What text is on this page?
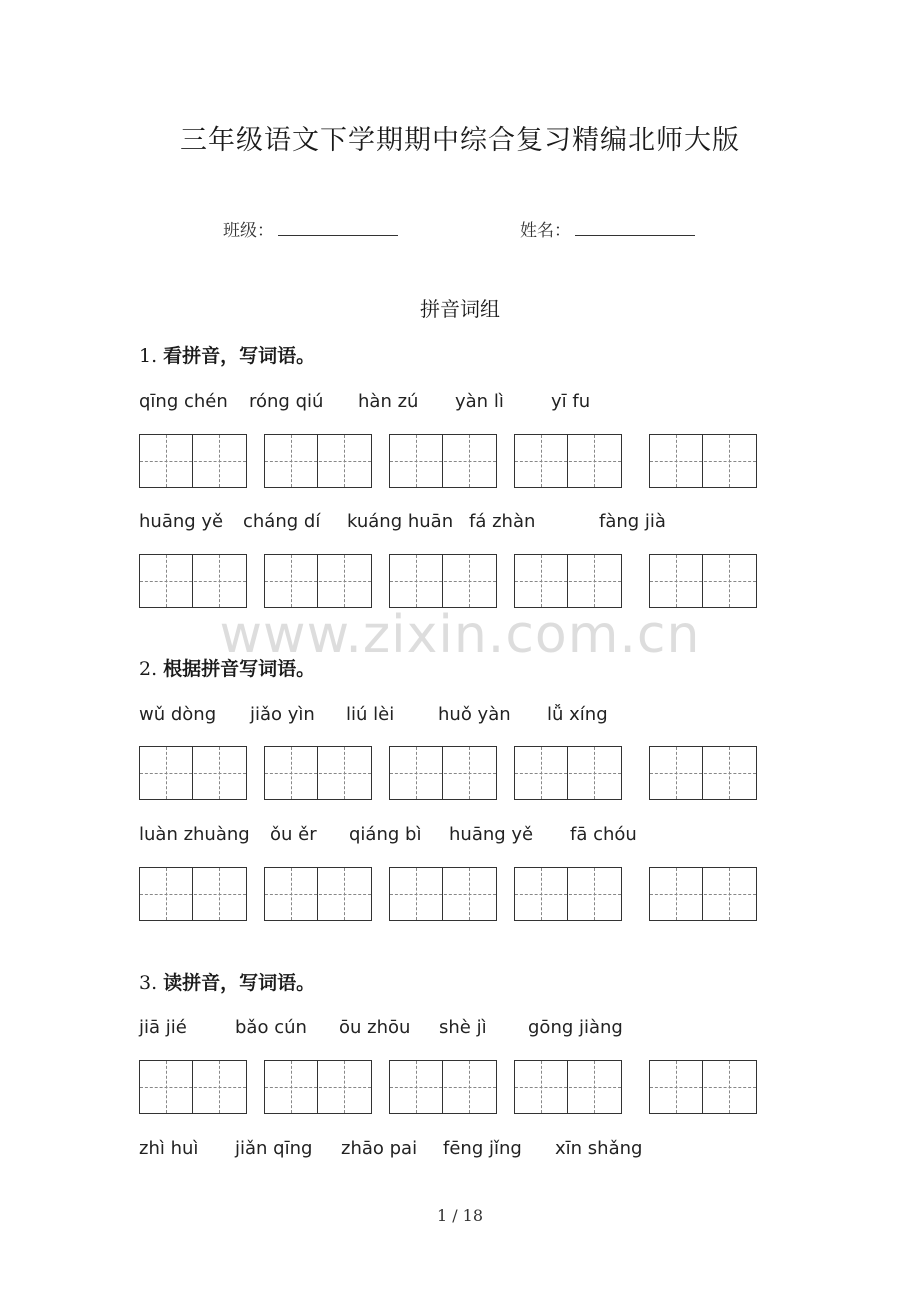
三年级语文下学期期中综合复习精编北师大版
班级：	姓名：
拼音词组
1. 看拼音，写词语。
qīng chén róng qiú hàn zú yàn lì	yī fu
huāng yě cháng dí kuáng huān fá zhàn	fàng jià
www.zixin.com.cn
2. 根据拼音写词语。
wǔ dòng jiǎo yìn liú lèi huǒ yàn lǚ xíng
luàn zhuàng ǒu ěr qiáng bì huāng yě fā chóu
3. 读拼音，写词语。
jiā jié	bǎo cún ōu zhōu shè jì gōng jiàng
zhì huì jiǎn qīng zhāo pai fēng jǐng xīn shǎng
1 / 18
